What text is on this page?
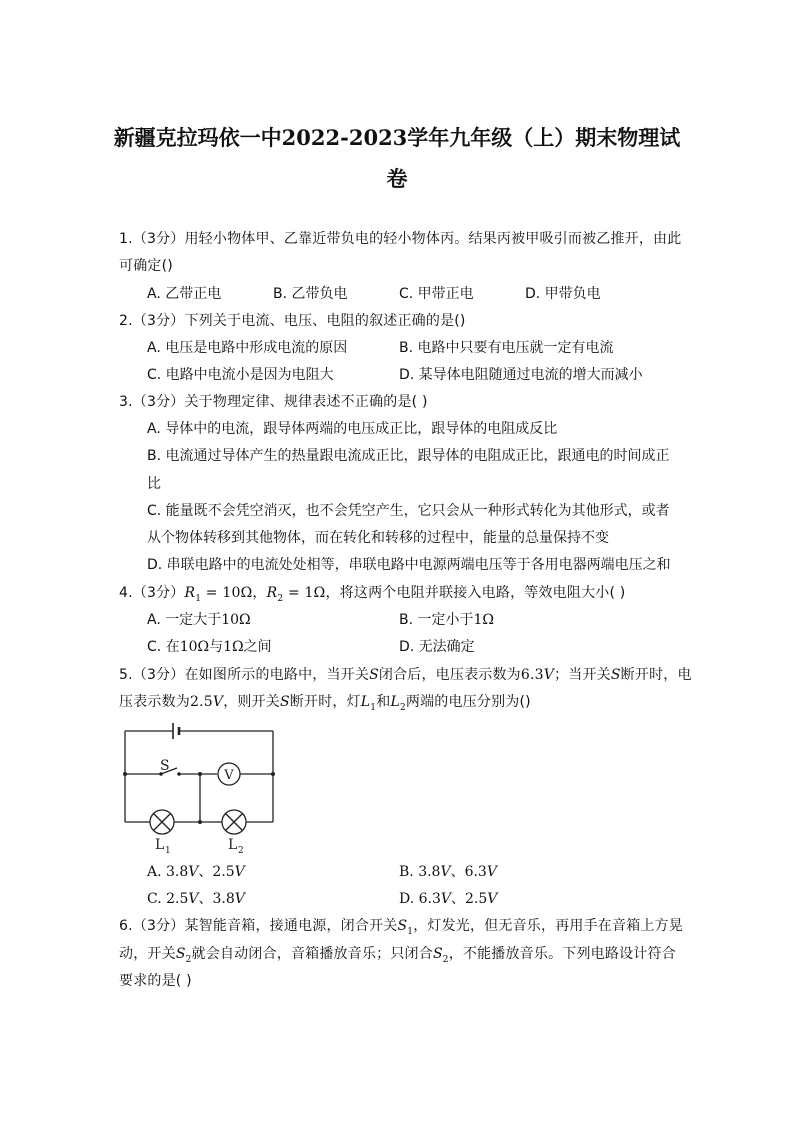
新疆克拉玛依一中2022-2023学年九年级（上）期末物理试
卷
1.（3分）用轻小物体甲、乙靠近带负电的轻小物体丙。结果丙被甲吸引而被乙推开，由此
可确定()
A. 乙带正电	B. 乙带负电	C. 甲带正电	D. 甲带负电
2.（3分）下列关于电流、电压、电阻的叙述正确的是()
A. 电压是电路中形成电流的原因	B. 电路中只要有电压就一定有电流
C. 电路中电流小是因为电阻大	D. 某导体电阻随通过电流的增大而减小
3.（3分）关于物理定律、规律表述不正确的是( )
A. 导体中的电流，跟导体两端的电压成正比，跟导体的电阻成反比
B. 电流通过导体产生的热量跟电流成正比，跟导体的电阻成正比，跟通电的时间成正
比
C. 能量既不会凭空消灭，也不会凭空产生，它只会从一种形式转化为其他形式，或者
从个物体转移到其他物体，而在转化和转移的过程中，能量的总量保持不变
D. 串联电路中的电流处处相等，串联电路中电源两端电压等于各用电器两端电压之和
4.（3分）$R_1 = 10\Omega$，$R_2 = 1\Omega$，将这两个电阻并联接入电路，等效电阻大小( )
A. 一定大于10Ω	B. 一定小于1Ω
C. 在10Ω与1Ω之间	D. 无法确定
5.（3分）在如图所示的电路中，当开关S闭合后，电压表示数为6.3V；当开关S断开时，电
压表示数为2.5V，则开关S断开时，灯$L_1$和$L_2$两端的电压分别为()
S
V
L 1	L 2
A. 3.8V、2.5V	B. 3.8V、6.3V
C. 2.5V、3.8V	D. 6.3V、2.5V
6.（3分）某智能音箱，接通电源，闭合开关$S_1$，灯发光，但无音乐，再用手在音箱上方晃
动，开关$S_2$就会自动闭合，音箱播放音乐；只闭合$S_2$，不能播放音乐。下列电路设计符合
要求的是( )
